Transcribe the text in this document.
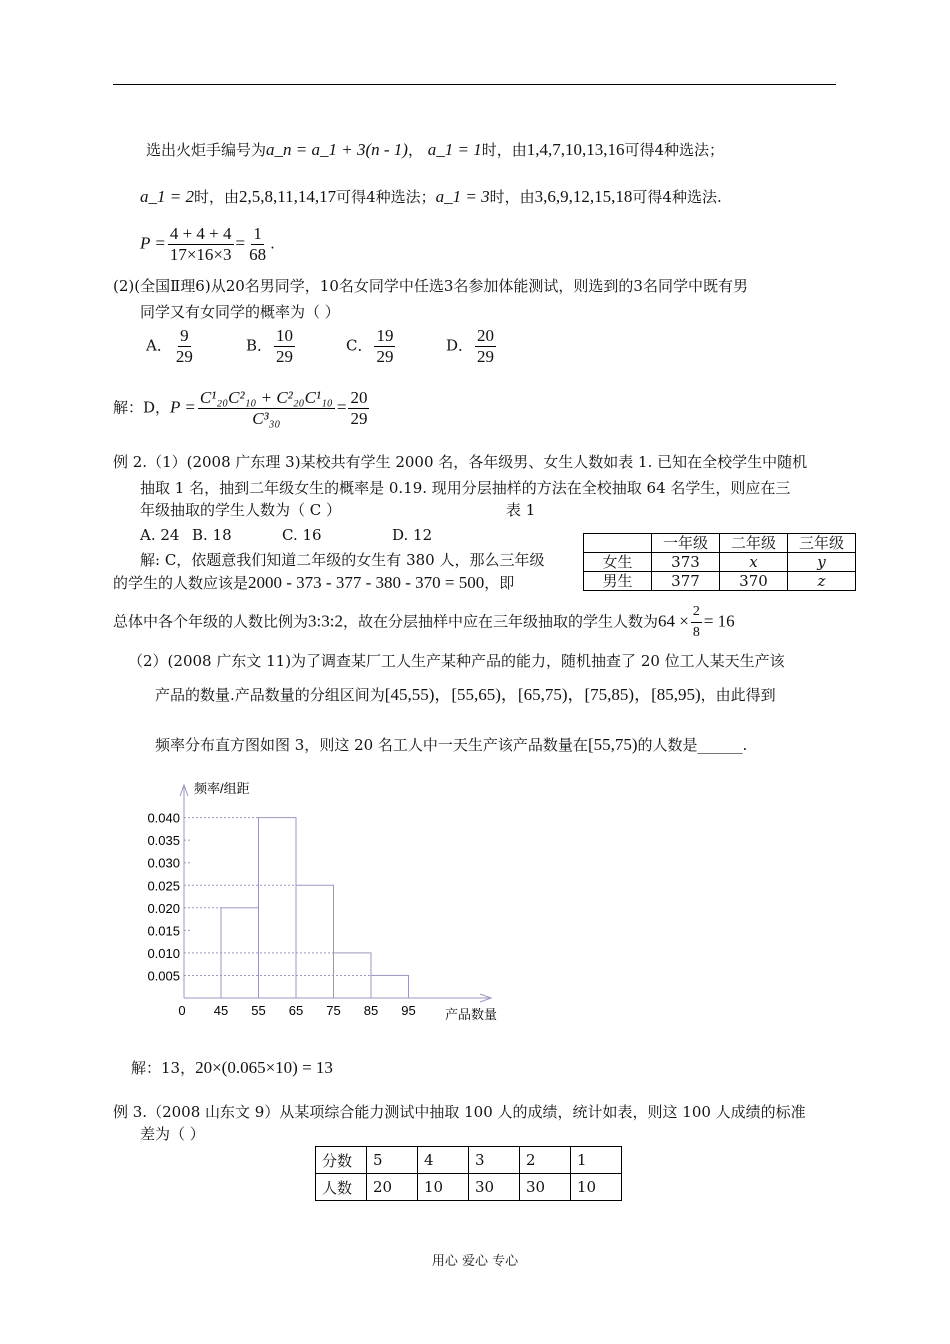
选出火炬手编号为a_n = a_1 + 3(n - 1)， a_1 = 1时，由1,4,7,10,13,16可得4种选法；
a_1 = 2时，由2,5,8,11,14,17可得4种选法；a_1 = 3时，由3,6,9,12,15,18可得4种选法.
$P = \frac{4 + 4 + 4}{17\times 16\times 3} = \frac{1}{68}$ .
(2)(全国Ⅱ理6)从20名男同学，10名女同学中任选3名参加体能测试，则选到的3名同学中既有男
同学又有女同学的概率为（ ）
A． $\frac{9}{29}$	B． $\frac{10}{29}$	C． $\frac{19}{29}$	D． $\frac{20}{29}$
解：D，$P = \frac{\text{C¹₂₀C²₁₀ + C²₂₀C¹₁₀}}{\text{C³₃₀}} = \frac{20}{29}$
例 2.（1）(2008 广东理 3)某校共有学生 2000 名，各年级男、女生人数如表 1. 已知在全校学生中随机
抽取 1 名，抽到二年级女生的概率是 0.19. 现用分层抽样的方法在全校抽取 64 名学生，则应在三
年级抽取的学生人数为（ C ）	表 1
A. 24 B. 18	C. 16	D. 12
		一年级	二年级	三年级
女生	373	x	y
男生	377	370	z
解: C，依题意我们知道二年级的女生有 380 人，那么三年级
的学生的人数应该是2000 - 373 - 377 - 380 - 370 = 500，即
总体中各个年级的人数比例为3:3:2，故在分层抽样中应在三年级抽取的学生人数为$64 \times \frac{2}{8} = 16$
（2）(2008 广东文 11)为了调查某厂工人生产某种产品的能力，随机抽查了 20 位工人某天生产该
产品的数量.产品数量的分组区间为[45,55)，[55,65)，[65,75)，[75,85)，[85,95)，由此得到
频率分布直方图如图 3，则这 20 名工人中一天生产该产品数量在[55,75)的人数是______.
频率/组距
产品数量
0.040
0.035
0.030
0.025
0.020
0.015
0.010
0.005
0 45 55 65 75 85 95
解：13，20×(0.065×10) = 13
例 3.（2008 山东文 9）从某项综合能力测试中抽取 100 人的成绩，统计如表，则这 100 人成绩的标准
差为（ ）
分数	5	4	3	2	1
人数	20	10	30	30	10
用心 爱心 专心
